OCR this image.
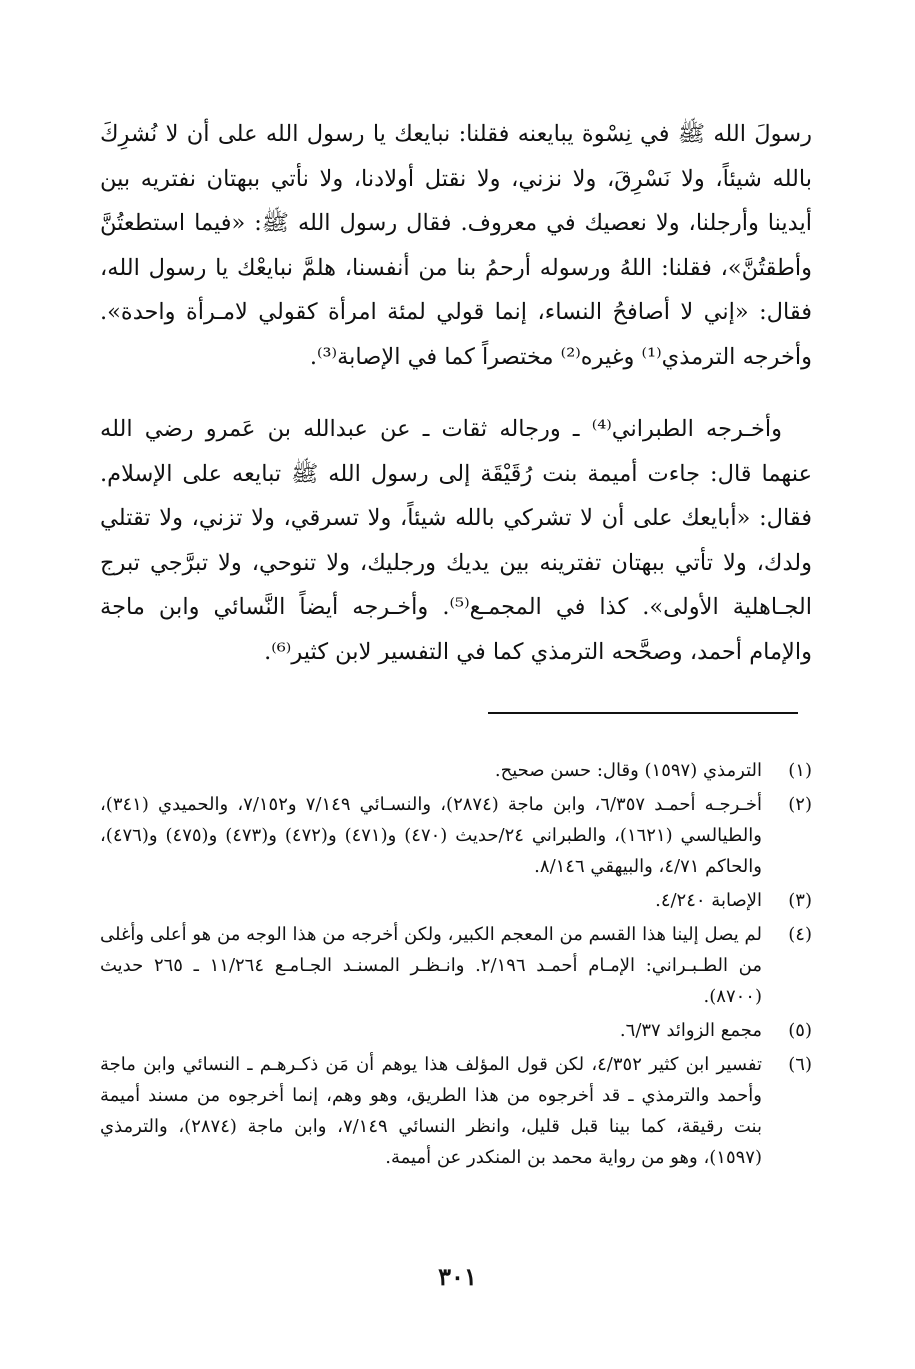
رسولَ الله ﷺ في نِسْوة يبايعنه فقلنا: نبايعك يا رسول الله على أن لا نُشرِكَ بالله شيئاً، ولا نَسْرِقَ، ولا نزني، ولا نقتل أولادنا، ولا نأتي ببهتان نفتريه بين أيدينا وأرجلنا، ولا نعصيك في معروف. فقال رسول الله ﷺ: «فيما استطعتُنَّ وأطقتُنَّ»، فقلنا: اللهُ ورسوله أرحمُ بنا من أنفسنا، هلمَّ نبايعْك يا رسول الله، فقال: «إني لا أصافحُ النساء، إنما قولي لمئة امرأة كقولي لامـرأة واحدة». وأخرجه الترمذي⁽¹⁾ وغيره⁽²⁾ مختصراً كما في الإصابة⁽³⁾.

وأخـرجه الطبراني⁽⁴⁾ ـ ورجاله ثقات ـ عن عبدالله بن عَمرو رضي الله عنهما قال: جاءت أميمة بنت رُقَيْقَة إلى رسول الله ﷺ تبايعه على الإسلام. فقال: «أبايعك على أن لا تشركي بالله شيئاً، ولا تسرقي، ولا تزني، ولا تقتلي ولدك، ولا تأتي ببهتان تفترينه بين يديك ورجليك، ولا تنوحي، ولا تبرَّجي تبرج الجـاهلية الأولى». كذا في المجمـع⁽⁵⁾. وأخـرجه أيضاً النَّسائي وابن ماجة والإمام أحمد، وصحَّحه الترمذي كما في التفسير لابن كثير⁽⁶⁾.

(١)
الترمذي (١٥٩٧) وقال: حسن صحيح.
(٢)
أخـرجـه أحمـد ٦/٣٥٧، وابن ماجة (٢٨٧٤)، والنسـائي ٧/١٤٩ و٧/١٥٢، والحميدي (٣٤١)، والطيالسي (١٦٢١)، والطبراني ٢٤/حديث (٤٧٠) و(٤٧١) و(٤٧٢) و(٤٧٣) و(٤٧٥) و(٤٧٦)، والحاكم ٤/٧١، والبيهقي ٨/١٤٦.
(٣)
الإصابة ٤/٢٤٠.
(٤)
لم يصل إلينا هذا القسم من المعجم الكبير، ولكن أخرجه من هذا الوجه من هو أعلى وأغلى من الطـبـراني: الإمـام أحمـد ٢/١٩٦. وانـظـر المسنـد الجـامـع ١١/٢٦٤ ـ ٢٦٥ حديث (٨٧٠٠).
(٥)
مجمع الزوائد ٦/٣٧.
(٦)
تفسير ابن كثير ٤/٣٥٢، لكن قول المؤلف هذا يوهم أن مَن ذكـرهـم ـ النسائي وابن ماجة وأحمد والترمذي ـ قد أخرجوه من هذا الطريق، وهو وهم، إنما أخرجوه من مسند أميمة بنت رقيقة، كما بينا قبل قليل، وانظر النسائي ٧/١٤٩، وابن ماجة (٢٨٧٤)، والترمذي (١٥٩٧)، وهو من رواية محمد بن المنكدر عن أميمة.
٣٠١
